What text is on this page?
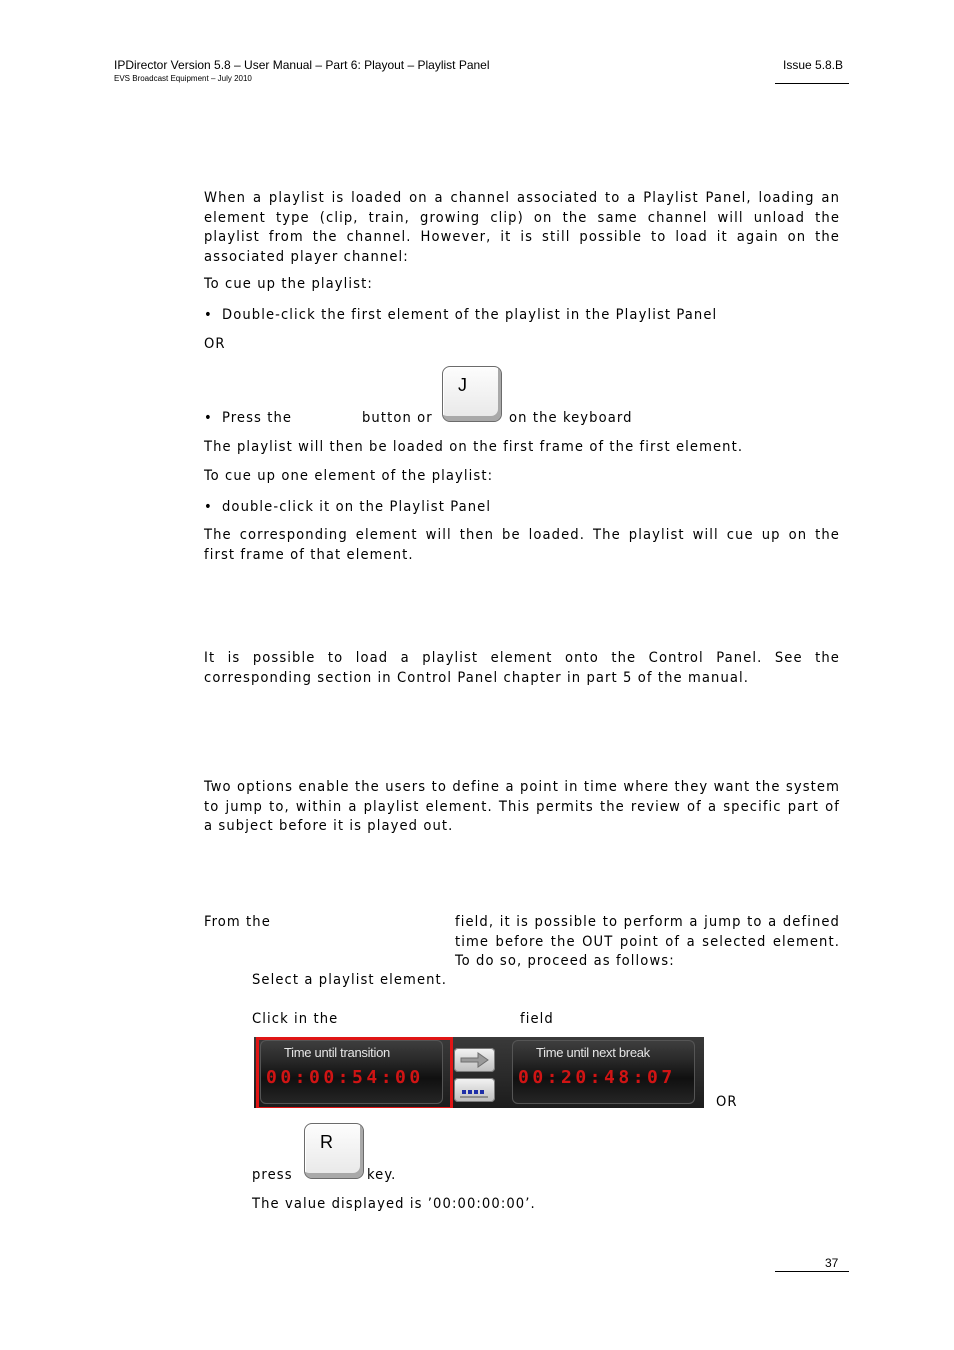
IPDirector Version 5.8 – User Manual – Part 6: Playout – Playlist Panel
EVS Broadcast Equipment – July 2010
Issue 5.8.B

When a playlist is loaded on a channel associated to a Playlist Panel, loading an element type (clip, train, growing clip) on the same channel will unload the playlist from the channel. However, it is still possible to load it again on the associated player channel:

To cue up the playlist:

• Double-click the first element of the playlist in the Playlist Panel

OR

• Press the	button or
J
on the keyboard

The playlist will then be loaded on the first frame of the first element.

To cue up one element of the playlist:

• double-click it on the Playlist Panel

The corresponding element will then be loaded. The playlist will cue up on the first frame of that element.

It is possible to load a playlist element onto the Control Panel. See the corresponding section in Control Panel chapter in part 5 of the manual.

Two options enable the users to define a point in time where they want the system to jump to, within a playlist element. This permits the review of a specific part of a subject before it is played out.

From the	field, it is possible to perform a jump to a defined time before the OUT point of a selected element. To do so, proceed as follows:

Select a playlist element.

Click in the	field
Time until transition
00:00:54:00
Time until next break
00:20:48:07
OR
press
R
key.

The value displayed is ’00:00:00:00’.

37
